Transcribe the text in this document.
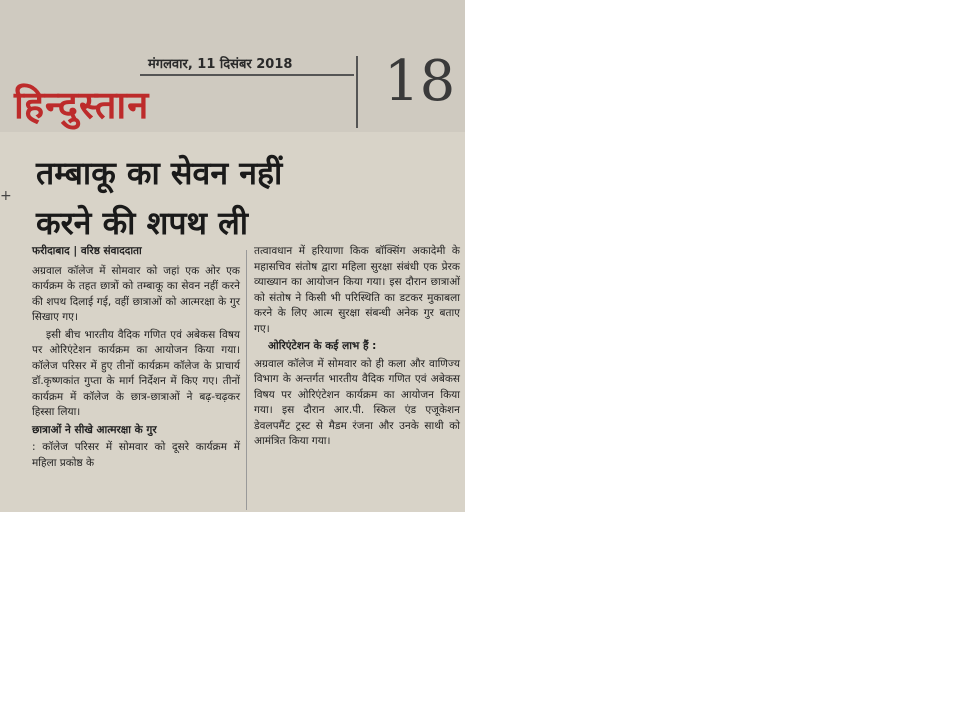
मंगलवार, 11 दिसंबर 2018
हिन्दुस्तान	18
+
तम्बाकू का सेवन नहीं
करने की शपथ ली
फरीदाबाद | वरिष्ठ संवाददाता

अग्रवाल कॉलेज में सोमवार को जहां एक ओर एक कार्यक्रम के तहत छात्रों को तम्बाकू का सेवन नहीं करने की शपथ दिलाई गई, वहीं छात्राओं को आत्मरक्षा के गुर सिखाए गए।

इसी बीच भारतीय वैदिक गणित एवं अबेकस विषय पर ओरिएंटेशन कार्यक्रम का आयोजन किया गया। कॉलेज परिसर में हुए तीनों कार्यक्रम कॉलेज के प्राचार्य डॉ.कृष्णकांत गुप्ता के मार्ग निर्देशन में किए गए। तीनों कार्यक्रम में कॉलेज के छात्र-छात्राओं ने बढ़-चढ़कर हिस्सा लिया।

छात्राओं ने सीखे आत्मरक्षा के गुर

: कॉलेज परिसर में सोमवार को दूसरे कार्यक्रम में महिला प्रकोष्ठ के

तत्वावधान में हरियाणा किक बॉक्सिंग अकादेमी के महासचिव संतोष द्वारा महिला सुरक्षा संबंधी एक प्रेरक व्याख्यान का आयोजन किया गया। इस दौरान छात्राओं को संतोष ने किसी भी परिस्थिति का डटकर मुकाबला करने के लिए आत्म सुरक्षा संबन्धी अनेक गुर बताए गए।

ओरिएंटेशन के कई लाभ हैं :

अग्रवाल कॉलेज में सोमवार को ही कला और वाणिज्य विभाग के अन्तर्गत भारतीय वैदिक गणित एवं अबेकस विषय पर ओरिएंटेशन कार्यक्रम का आयोजन किया गया। इस दौरान आर.पी. स्किल एंड एजूकेशन डेवलपमैंट ट्रस्ट से मैडम रंजना और उनके साथी को आमंत्रित किया गया।
